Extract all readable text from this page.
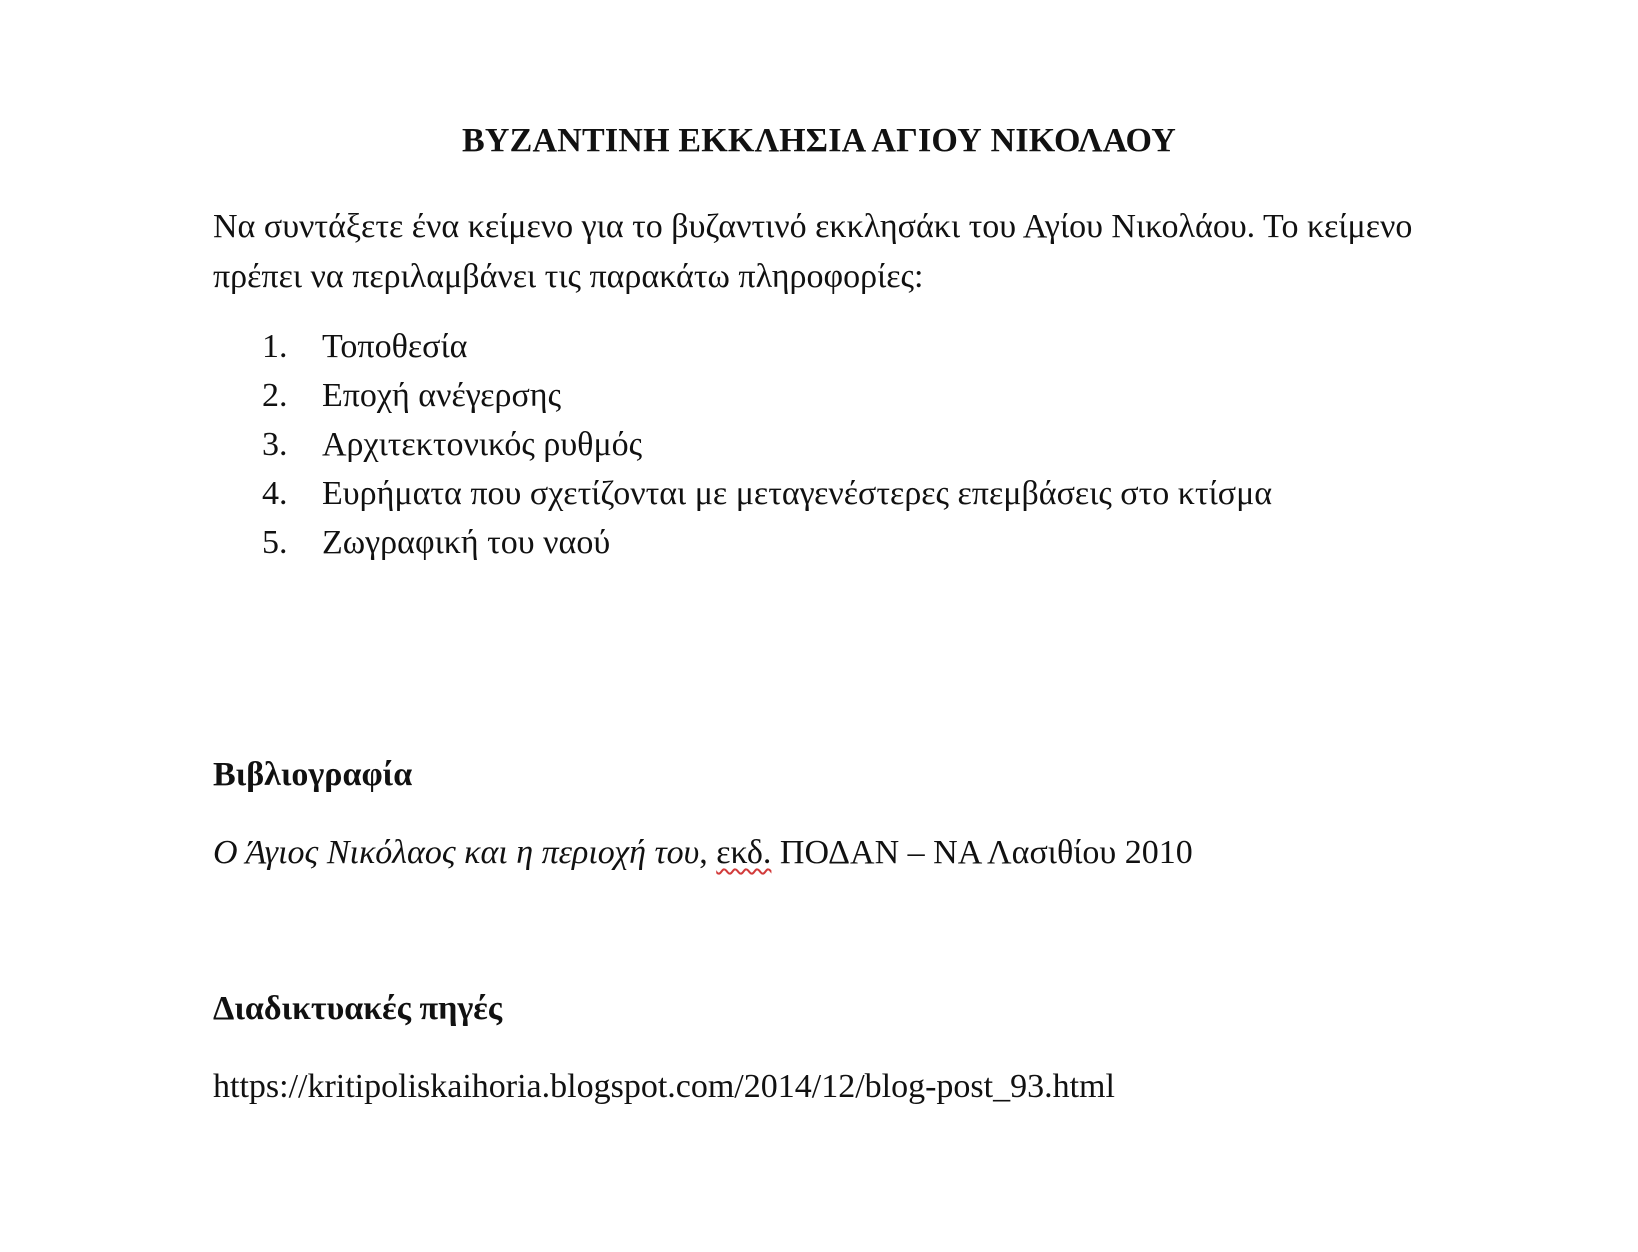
ΒΥΖΑΝΤΙΝΗ ΕΚΚΛΗΣΙΑ ΑΓΙΟΥ ΝΙΚΟΛΑΟΥ

Να συντάξετε ένα κείμενο για το βυζαντινό εκκλησάκι του Αγίου Νικολάου. Το κείμενο πρέπει να περιλαμβάνει τις παρακάτω πληροφορίες:

1. Τοποθεσία
2. Εποχή ανέγερσης
3. Αρχιτεκτονικός ρυθμός
4. Ευρήματα που σχετίζονται με μεταγενέστερες επεμβάσεις στο κτίσμα
5. Ζωγραφική του ναού
Βιβλιογραφία
Ο Άγιος Νικόλαος και η περιοχή του, εκδ. ΠΟΔΑΝ – ΝΑ Λασιθίου 2010
Διαδικτυακές πηγές
https://kritipoliskaihoria.blogspot.com/2014/12/blog-post_93.html
